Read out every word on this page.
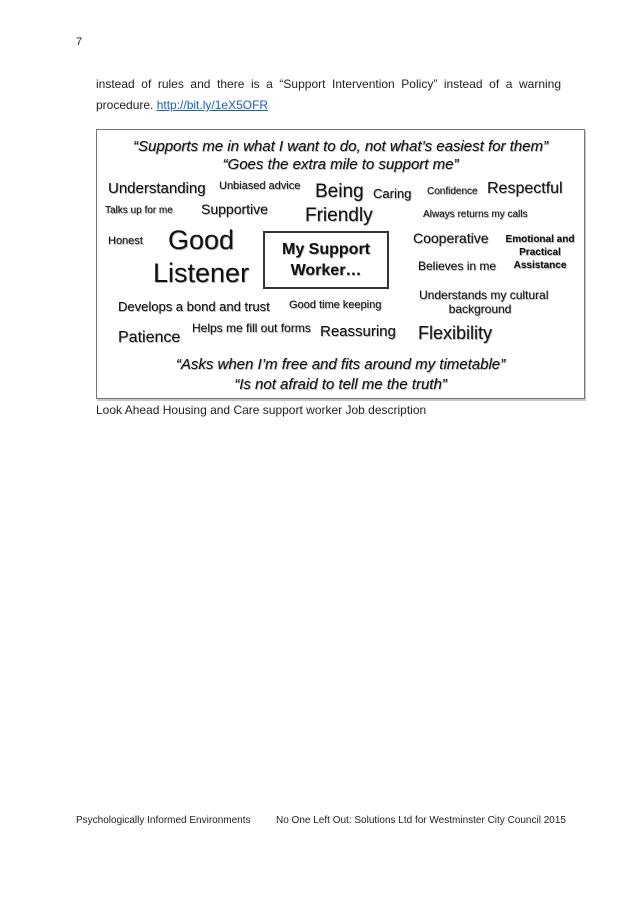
7
instead of rules and there is a “Support Intervention Policy” instead of a warning
procedure. http://bit.ly/1eX5OFR
“Supports me in what I want to do, not what’s easiest for them”
“Goes the extra mile to support me”
Understanding Unbiased advice Being Caring Confidence Respectful
Talks up for me Supportive Friendly	Always returns my calls
Honest Good
Listener
My Support
Worker…
Cooperative	Emotional and
Practical
Assistance
Believes in me
Understands my cultural
background
Develops a bond and trust Good time keeping
Helps me fill out forms
Patience	Reassuring Flexibility
“Asks when I’m free and fits around my timetable”
“Is not afraid to tell me the truth”
Look Ahead Housing and Care support worker Job description
Psychologically Informed Environments	No One Left Out: Solutions Ltd for Westminster City Council 2015
